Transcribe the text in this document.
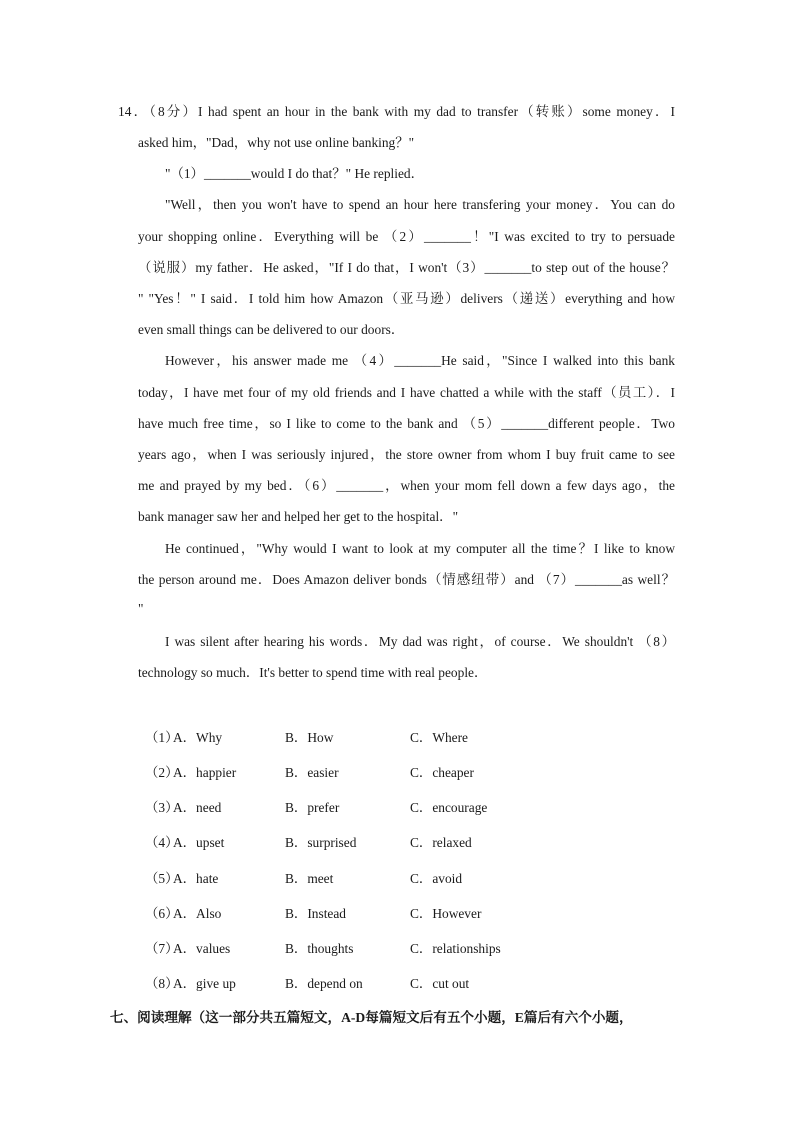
14．（8分）I had spent an hour in the bank with my dad to transfer（转账）some money．I
asked him，"Dad，why not use online banking？"
"（1）_______would I do that？" He replied．
"Well，then you won't have to spend an hour here transfering your money．You can do
your shopping online．Everything will be （2）_______！"I was excited to try to persuade
（说服）my father．He asked，"If I do that，I won't（3）_______to step out of the house？
" "Yes！" I said．I told him how Amazon（亚马逊）delivers（递送）everything and how
even small things can be delivered to our doors．
However，his answer made me （4）_______He said，"Since I walked into this bank
today，I have met four of my old friends and I have chatted a while with the staff（员工）．I
have much free time，so I like to come to the bank and （5）_______different people．Two
years ago，when I was seriously injured，the store owner from whom I buy fruit came to see
me and prayed by my bed．（6）_______，when your mom fell down a few days ago，the
bank manager saw her and helped her get to the hospital．"
He continued，"Why would I want to look at my computer all the time？I like to know
the person around me．Does Amazon deliver bonds（情感纽带）and （7）_______as well？
"
I was silent after hearing his words．My dad was right，of course．We shouldn't （8）
technology so much．It's better to spend time with real people．
（1）
A．Why	B．How	C．Where
（2）
A．happier	B．easier	C．cheaper
（3）
A．need	B．prefer	C．encourage
（4）
A．upset	B．surprised	C．relaxed
（5）
A．hate	B．meet	C．avoid
（6）
A．Also	B．Instead	C．However
（7）
A．values	B．thoughts	C．relationships
（8）
A．give up	B．depend on	C．cut out
七、阅读理解（这一部分共五篇短文，A-D每篇短文后有五个小题，E篇后有六个小题，
